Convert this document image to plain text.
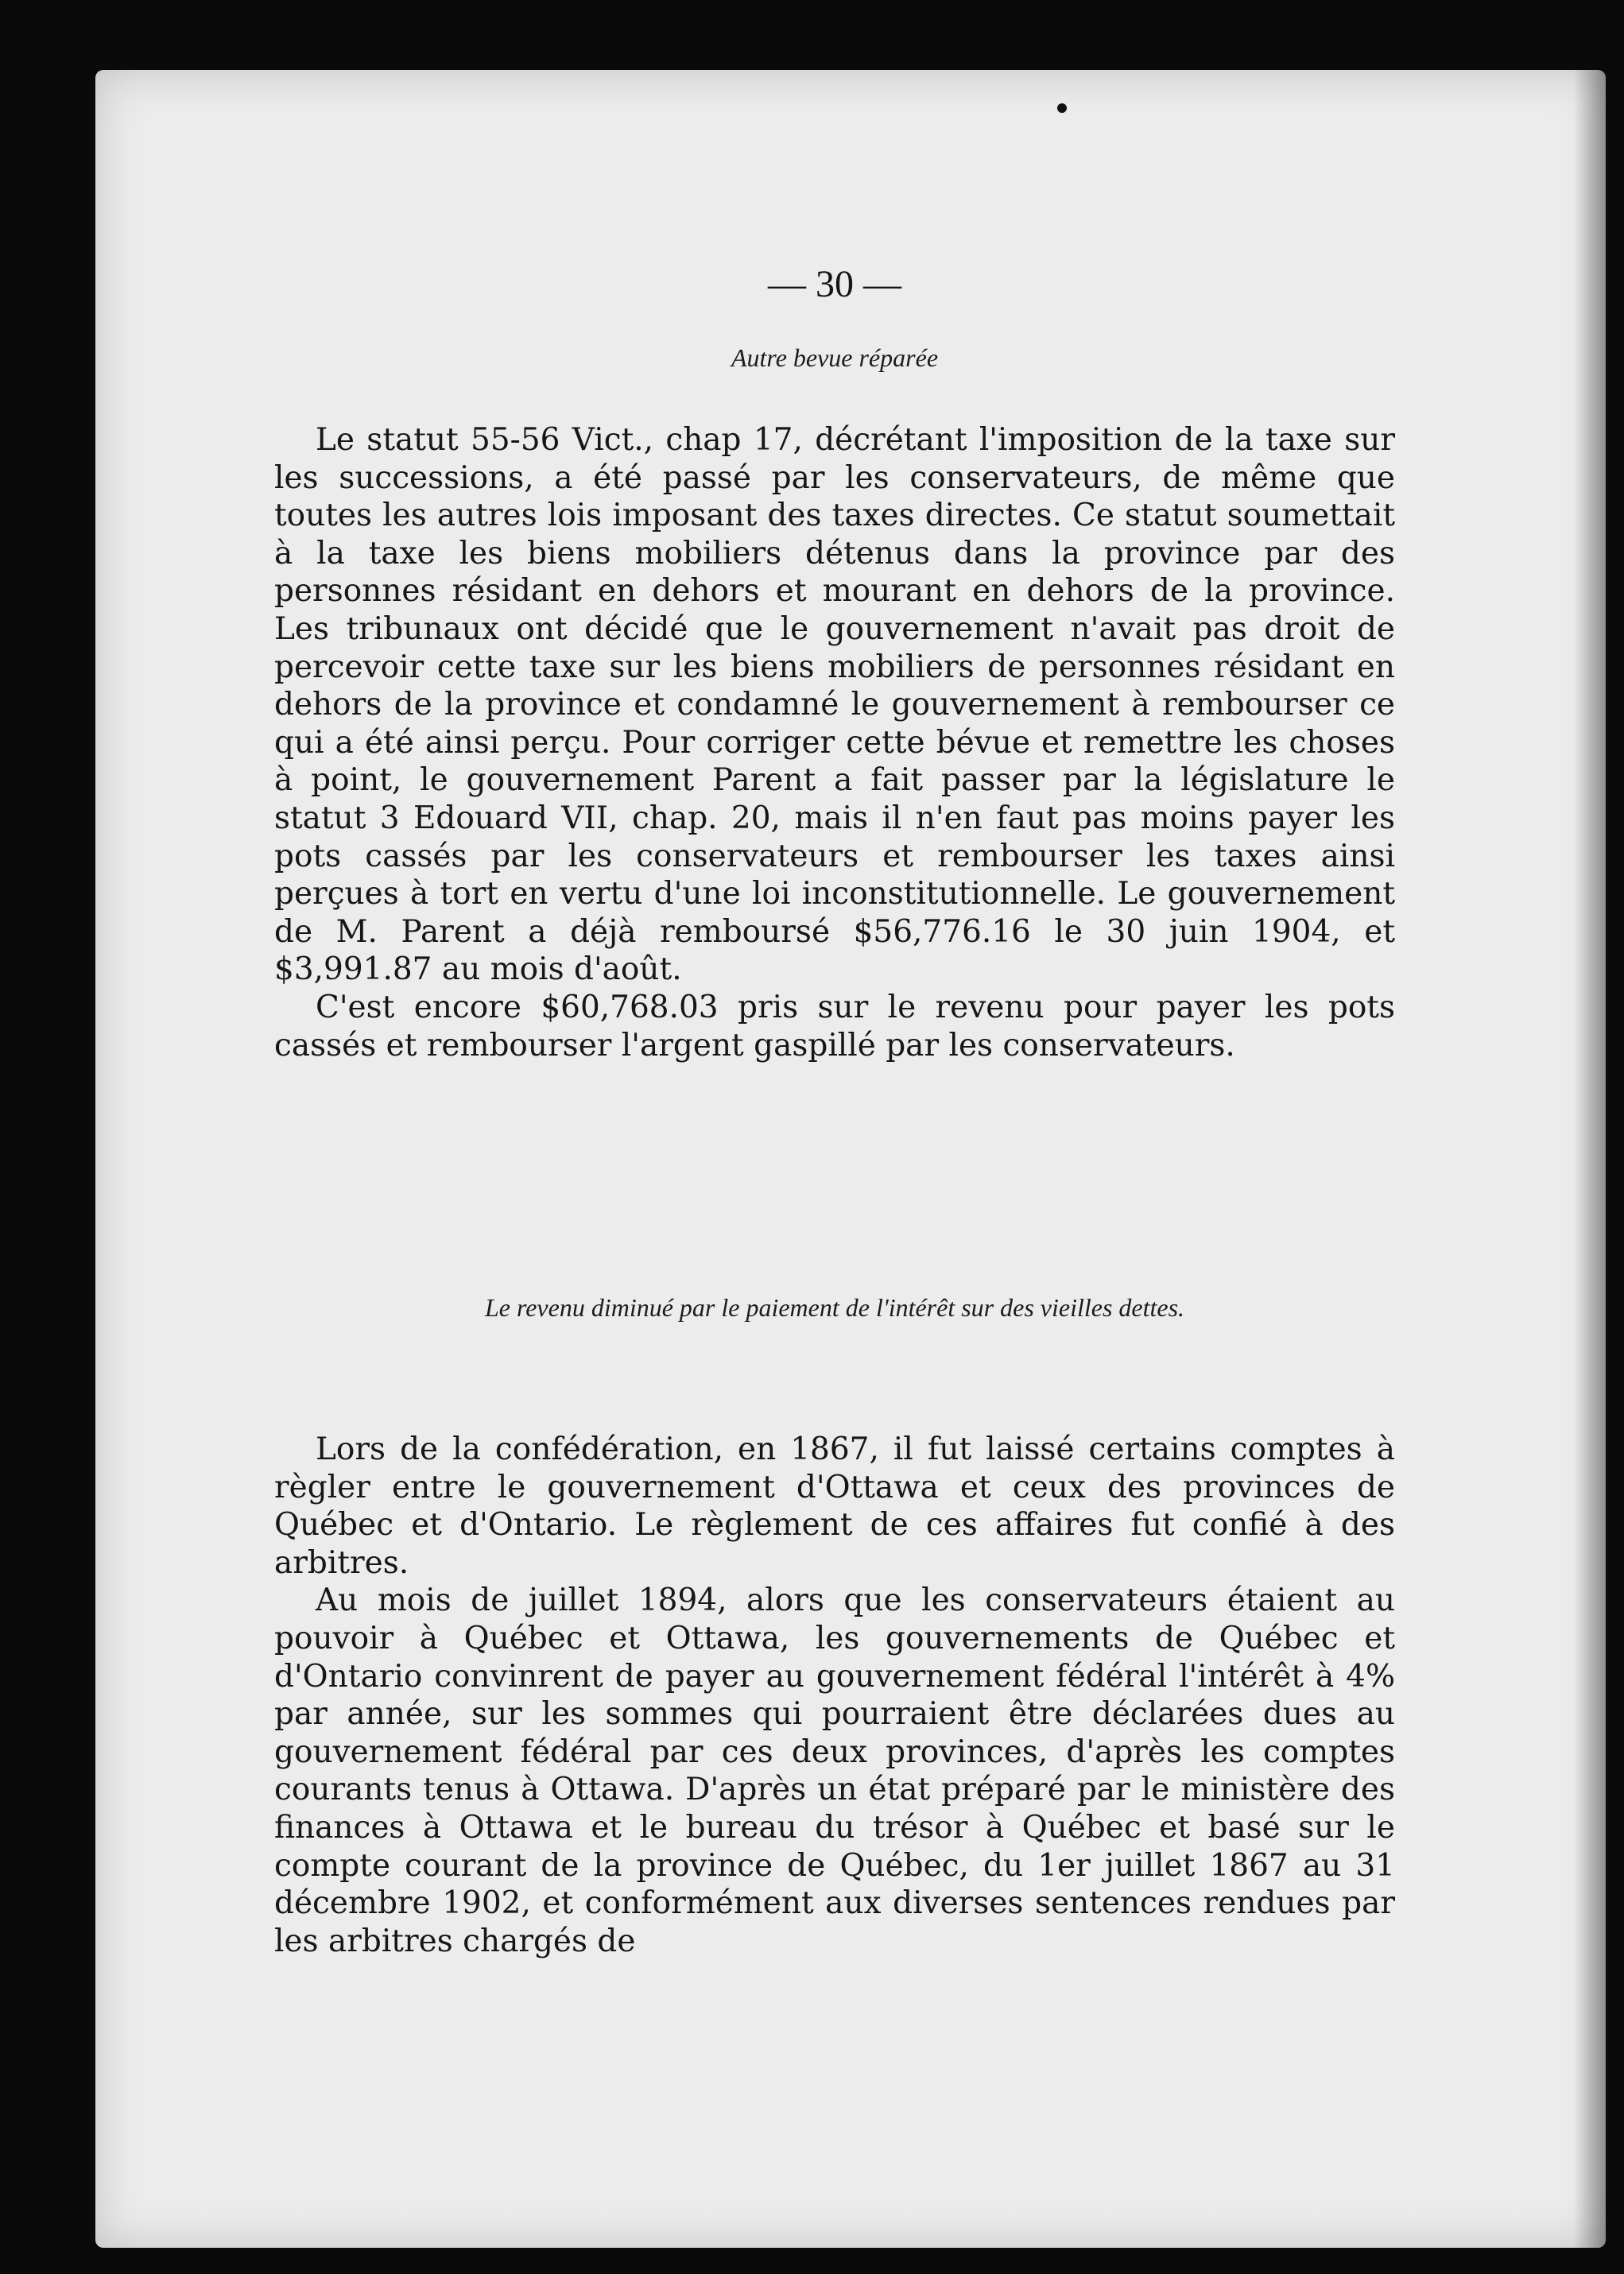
— 30 —
Autre bevue réparée

Le statut 55-56 Vict., chap 17, décrétant l'imposition de la taxe sur les successions, a été passé par les conservateurs, de même que toutes les autres lois imposant des taxes directes. Ce statut soumettait à la taxe les biens mobiliers détenus dans la province par des personnes résidant en dehors et mourant en dehors de la province. Les tribunaux ont décidé que le gouvernement n'avait pas droit de percevoir cette taxe sur les biens mobiliers de personnes résidant en dehors de la province et condamné le gouvernement à rembourser ce qui a été ainsi perçu. Pour corriger cette bévue et remettre les choses à point, le gouvernement Parent a fait passer par la législature le statut 3 Edouard VII, chap. 20, mais il n'en faut pas moins payer les pots cassés par les conservateurs et rembourser les taxes ainsi perçues à tort en vertu d'une loi inconstitutionnelle. Le gouvernement de M. Parent a déjà remboursé $56,776.16 le 30 juin 1904, et $3,991.87 au mois d'août.

C'est encore $60,768.03 pris sur le revenu pour payer les pots cassés et rembourser l'argent gaspillé par les conservateurs.

Le revenu diminué par le paiement de l'intérêt sur des vieilles dettes.

Lors de la confédération, en 1867, il fut laissé certains comptes à règler entre le gouvernement d'Ottawa et ceux des provinces de Québec et d'Ontario. Le règlement de ces affaires fut confié à des arbitres.

Au mois de juillet 1894, alors que les conservateurs étaient au pouvoir à Québec et Ottawa, les gouvernements de Québec et d'Ontario convinrent de payer au gouvernement fédéral l'intérêt à 4% par année, sur les sommes qui pourraient être déclarées dues au gouvernement fédéral par ces deux provinces, d'après les comptes courants tenus à Ottawa. D'après un état préparé par le ministère des finances à Ottawa et le bureau du trésor à Québec et basé sur le compte courant de la province de Québec, du 1er juillet 1867 au 31 décembre 1902, et conformément aux diverses sentences rendues par les arbitres chargés de
